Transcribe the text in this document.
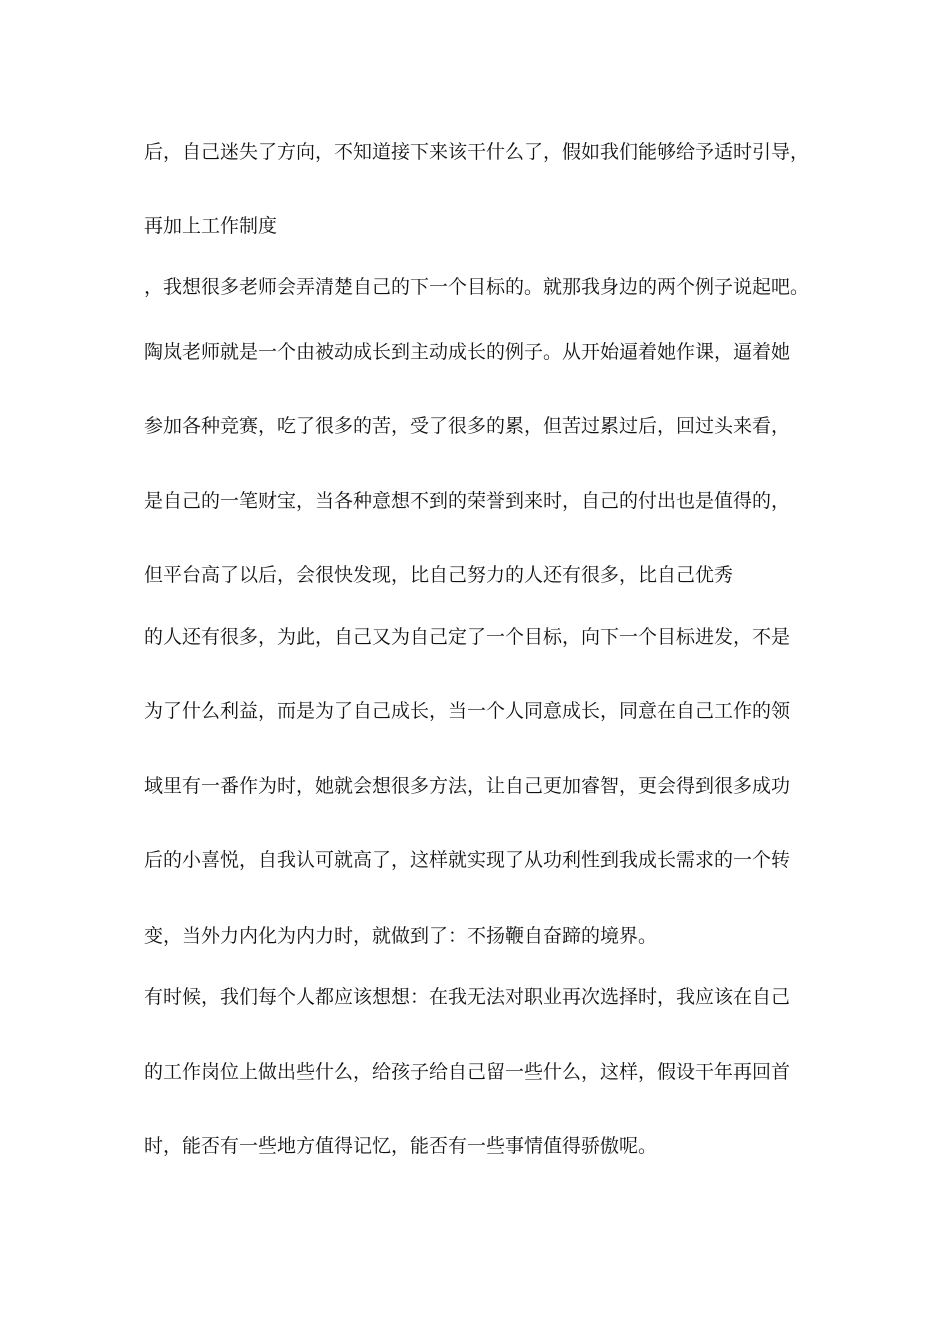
后，自己迷失了方向，不知道接下来该干什么了，假如我们能够给予适时引导，

再加上工作制度

，我想很多老师会弄清楚自己的下一个目标的。就那我身边的两个例子说起吧。

陶岚老师就是一个由被动成长到主动成长的例子。从开始逼着她作课，逼着她

参加各种竞赛，吃了很多的苦，受了很多的累，但苦过累过后，回过头来看，

是自己的一笔财宝，当各种意想不到的荣誉到来时，自己的付出也是值得的，

但平台高了以后，会很快发现，比自己努力的人还有很多，比自己优秀

的人还有很多，为此，自己又为自己定了一个目标，向下一个目标进发，不是

为了什么利益，而是为了自己成长，当一个人同意成长，同意在自己工作的领

域里有一番作为时，她就会想很多方法，让自己更加睿智，更会得到很多成功

后的小喜悦，自我认可就高了，这样就实现了从功利性到我成长需求的一个转

变，当外力内化为内力时，就做到了：不扬鞭自奋蹄的境界。

有时候，我们每个人都应该想想：在我无法对职业再次选择时，我应该在自己

的工作岗位上做出些什么，给孩子给自己留一些什么，这样，假设干年再回首

时，能否有一些地方值得记忆，能否有一些事情值得骄傲呢。
